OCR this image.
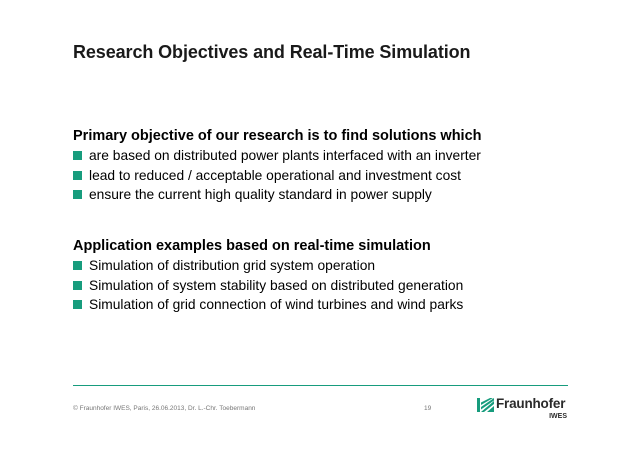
Research Objectives and Real-Time Simulation
Primary objective of our research is to find solutions which
are based on distributed power plants interfaced with an inverter
lead to reduced / acceptable operational and investment cost
ensure the current high quality standard in power supply
Application examples based on real-time simulation
Simulation of distribution grid system operation
Simulation of system stability based on distributed generation
Simulation of grid connection of wind turbines and wind parks
© Fraunhofer IWES, Paris, 26.06.2013, Dr. L.-Chr. Toebermann	19	Fraunhofer
IWES
